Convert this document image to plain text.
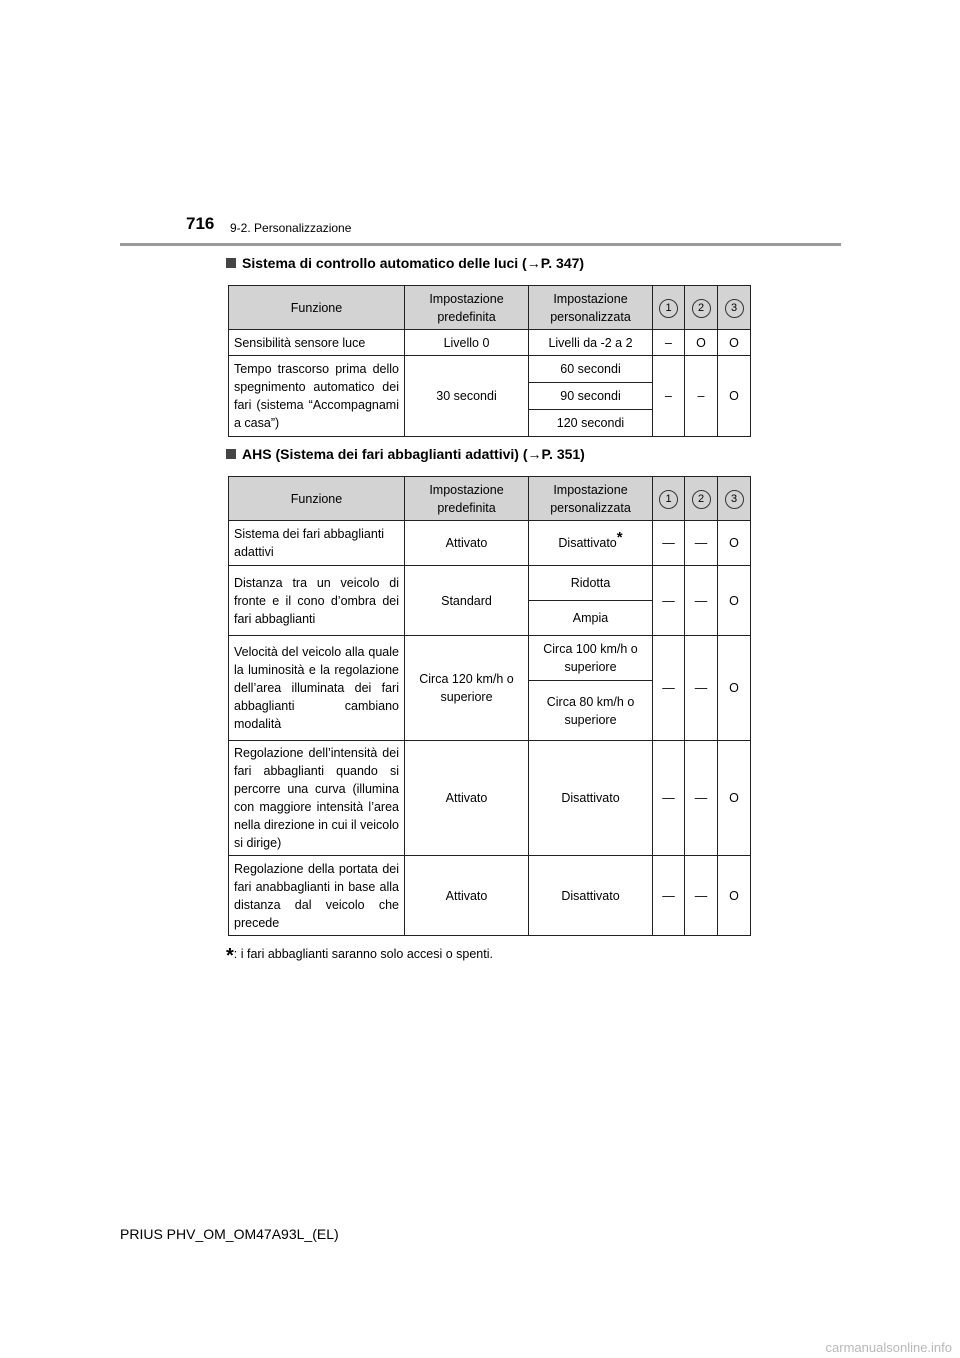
716 9-2. Personalizzazione
Sistema di controllo automatico delle luci (→P. 347)
Funzione	Impostazione predefinita	Impostazione personalizzata	1	2	3
Sensibilità sensore luce	Livello 0	Livelli da -2 a 2	–	O	O
Tempo trascorso prima dello spegnimento automatico dei fari (sistema “Accompagnami a casa”)	30 secondi	60 secondi	–	–	O
		90 secondi			
		120 secondi			
AHS (Sistema dei fari abbaglianti adattivi) (→P. 351)
Funzione	Impostazione predefinita	Impostazione personalizzata	1	2	3
Sistema dei fari abbaglianti adattivi	Attivato	Disattivato*	—	—	O
Distanza tra un veicolo di fronte e il cono d’ombra dei fari abbaglianti	Standard	Ridotta	—	—	O
		Ampia			
Velocità del veicolo alla quale la luminosità e la regolazione dell’area illuminata dei fari abbaglianti cambiano modalità	Circa 120 km/h o superiore	Circa 100 km/h o superiore	—	—	O
		Circa 80 km/h o superiore			
Regolazione dell’intensità dei fari abbaglianti quando si percorre una curva (illumina con maggiore intensità l’area nella direzione in cui il veicolo si dirige)	Attivato	Disattivato	—	—	O
Regolazione della portata dei fari anabbaglianti in base alla distanza dal veicolo che precede	Attivato	Disattivato	—	—	O
*: i fari abbaglianti saranno solo accesi o spenti.
PRIUS PHV_OM_OM47A93L_(EL)
carmanualsonline.info
